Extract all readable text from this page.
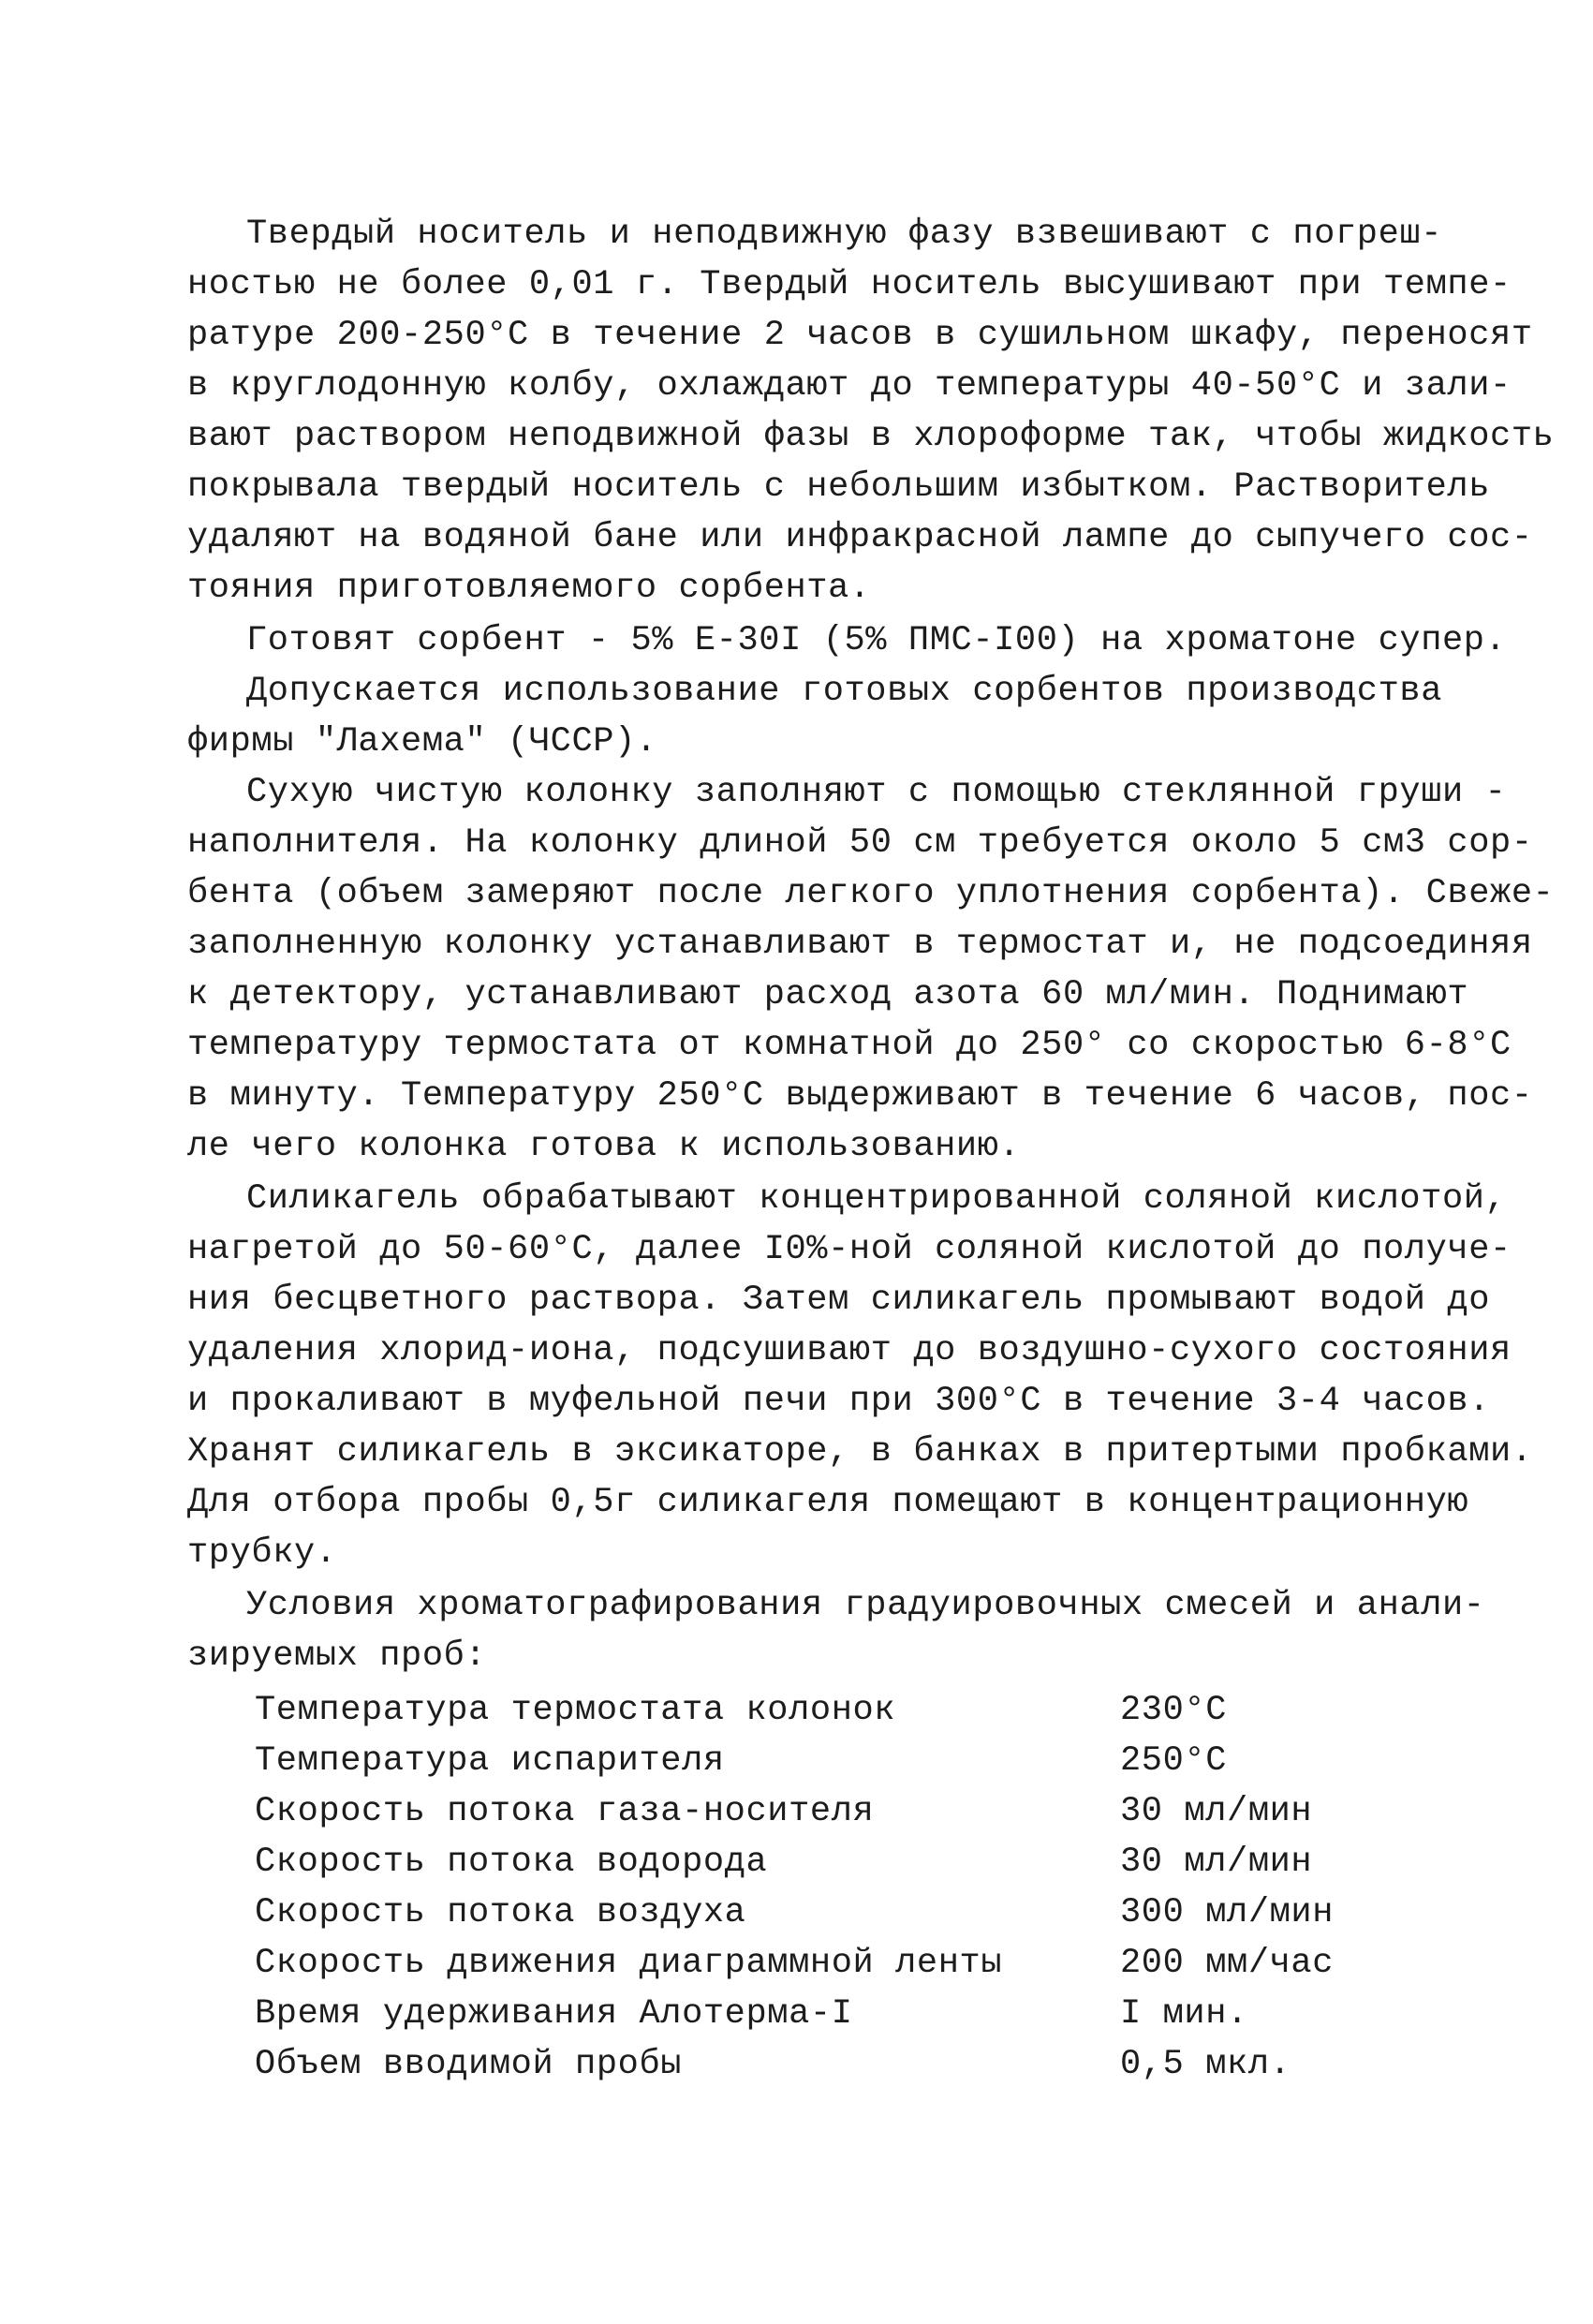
Твердый носитель и неподвижную фазу взвешивают с погреш-
ностью не более 0,01 г. Твердый носитель высушивают при темпе-
ратуре 200-250°С в течение 2 часов в сушильном шкафу, переносят
в круглодонную колбу, охлаждают до температуры 40-50°С и зали-
вают раствором неподвижной фазы в хлороформе так, чтобы жидкость
покрывала твердый носитель с небольшим избытком. Растворитель
удаляют на водяной бане или инфракрасной лампе до сыпучего сос-
тояния приготовляемого сорбента.
Готовят сорбент - 5% Е-30I (5% ПМС-I00) на хроматоне супер.
Допускается использование готовых сорбентов производства
фирмы "Лахема" (ЧССР).
Сухую чистую колонку заполняют с помощью стеклянной груши -
наполнителя. На колонку длиной 50 см требуется около 5 см3 сор-
бента (объем замеряют после легкого уплотнения сорбента). Свеже-
заполненную колонку устанавливают в термостат и, не подсоединяя
к детектору, устанавливают расход азота 60 мл/мин. Поднимают
температуру термостата от комнатной до 250° со скоростью 6-8°С
в минуту. Температуру 250°С выдерживают в течение 6 часов, пос-
ле чего колонка готова к использованию.
Силикагель обрабатывают концентрированной соляной кислотой,
нагретой до 50-60°С, далее I0%-ной соляной кислотой до получе-
ния бесцветного раствора. Затем силикагель промывают водой до
удаления хлорид-иона, подсушивают до воздушно-сухого состояния
и прокаливают в муфельной печи при 300°С в течение 3-4 часов.
Хранят силикагель в эксикаторе, в банках в притертыми пробками.
Для отбора пробы 0,5г силикагеля помещают в концентрационную
трубку.
Условия хроматографирования градуировочных смесей и анали-
зируемых проб:
Температура термостата колонок	230°С
Температура испарителя	250°С
Скорость потока газа-носителя	30 мл/мин
Скорость потока водорода	30 мл/мин
Скорость потока воздуха	300 мл/мин
Скорость движения диаграммной ленты	200 мм/час
Время удерживания Алотерма-I	I мин.
Объем вводимой пробы	0,5 мкл.
